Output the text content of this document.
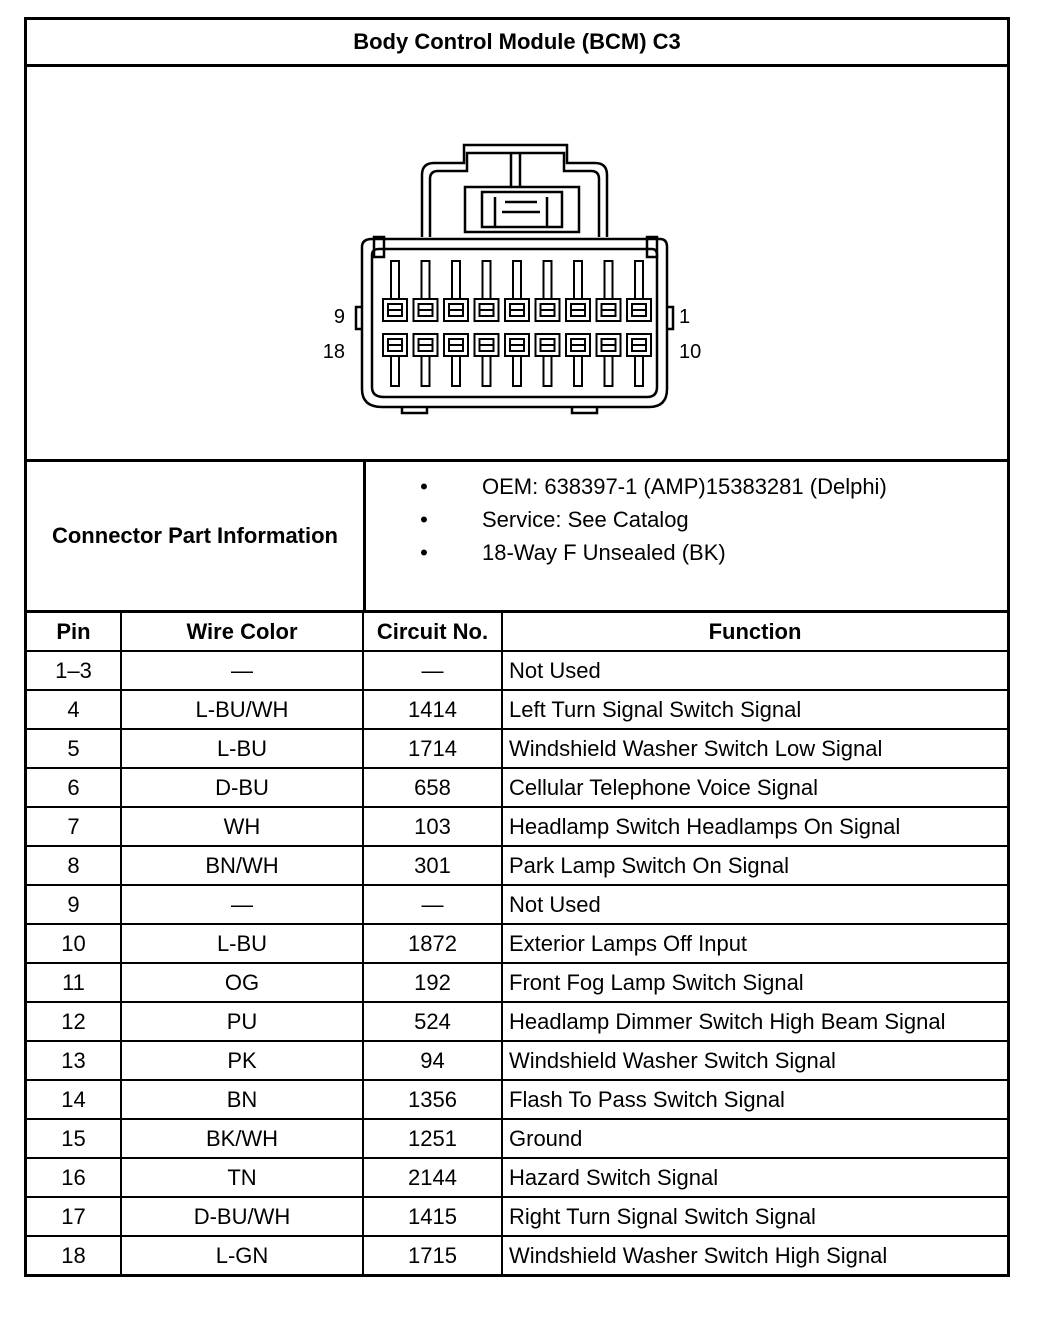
Body Control Module (BCM) C3
9	1
18	10
Connector Part Information
•	OEM: 638397-1 (AMP)15383281 (Delphi)
•	Service: See Catalog
•	18-Way F Unsealed (BK)
Pin	Wire Color	Circuit No.	Function
1–3	—	—	Not Used
4	L-BU/WH	1414	Left Turn Signal Switch Signal
5	L-BU	1714	Windshield Washer Switch Low Signal
6	D-BU	658	Cellular Telephone Voice Signal
7	WH	103	Headlamp Switch Headlamps On Signal
8	BN/WH	301	Park Lamp Switch On Signal
9	—	—	Not Used
10	L-BU	1872	Exterior Lamps Off Input
11	OG	192	Front Fog Lamp Switch Signal
12	PU	524	Headlamp Dimmer Switch High Beam Signal
13	PK	94	Windshield Washer Switch Signal
14	BN	1356	Flash To Pass Switch Signal
15	BK/WH	1251	Ground
16	TN	2144	Hazard Switch Signal
17	D-BU/WH	1415	Right Turn Signal Switch Signal
18	L-GN	1715	Windshield Washer Switch High Signal
